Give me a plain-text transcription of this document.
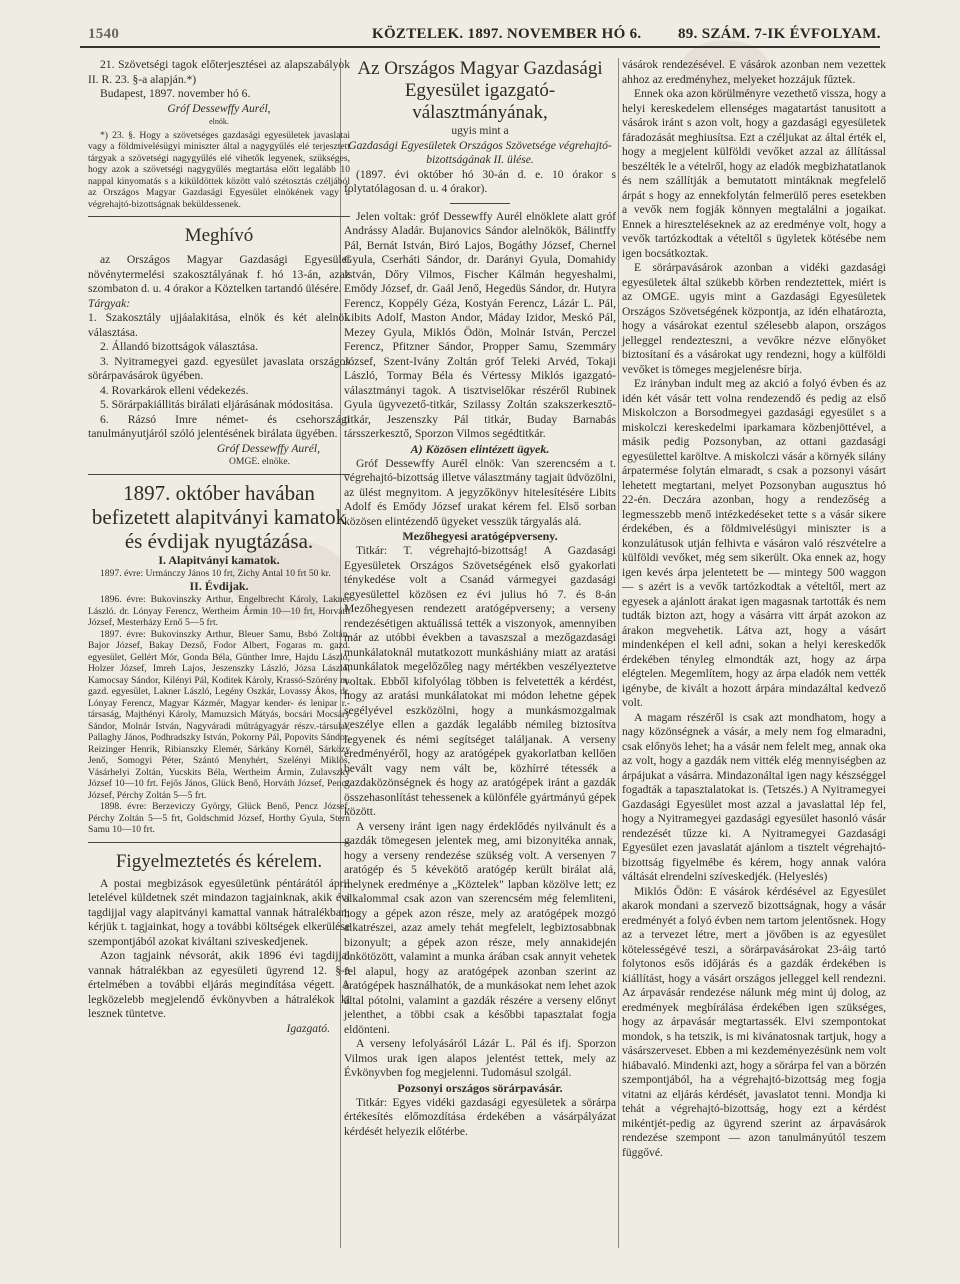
1540	KÖZTELEK. 1897. NOVEMBER HÓ 6. 89. SZÁM. 7-IK ÉVFOLYAM.

21. Szövetségi tagok előterjesztései az alapszabályok II. R. 23. §-a alapján.*)

Budapest, 1897. november hó 6.

Gróf Dessewffy Aurél,

elnök.

*) 23. §. Hogy a szövetséges gazdasági egyesületek javaslatai vagy a földmivelésügyi miniszter által a nagygyűlés elé terjesztett tárgyak a szövetségi nagygyűlés elé vihetők legyenek, szükséges, hogy azok a szövetségi nagygyűlés megtartása előtt legalább 10 nappal kinyomatás s a kiküldöttek között való szétosztás czéljából az Országos Magyar Gazdasági Egyesület elnökének vagy a végrehajtó-bizottságnak beküldessenek.

Meghívó

az Országos Magyar Gazdasági Egyesület növénytermelési szakosztályának f. hó 13-án, azaz szombaton d. u. 4 órakor a Köztelken tartandó ülésére.

Tárgyak:

1. Szakosztály ujjáalakitása, elnök és két alelnök választása.

2. Állandó bizottságok választása.

3. Nyitramegyei gazd. egyesület javaslata országos sörárpavásárok ügyében.

4. Rovarkárok elleni védekezés.

5. Sörárpakiállitás birálati eljárásának módositása.

6. Rázsó Imre német- és csehországi tanulmányutjáról szóló jelentésének birálata ügyében.

Gróf Dessewffy Aurél,

OMGE. elnöke.

1897. október havában befizetett alapitványi kamatok és évdijak nyugtázása.

I. Alapitványi kamatok.

1897. évre: Urmánczy János 10 frt, Zichy Antal 10 frt 50 kr.

II. Évdijak.

1896. évre: Bukovinszky Arthur, Engelbrecht Károly, Lakner László. dr. Lónyay Ferencz, Wertheim Ármin 10—10 frt, Horváth József, Mesterházy Ernő 5—5 frt.

1897. évre: Bukovinszky Arthur, Bleuer Samu, Bsbó Zoltán, Bajor József, Bakay Dezső, Fodor Albert, Fogaras m. gazd. egyesület, Gellért Mór, Gonda Béla, Günther Imre, Hajdu László, Holzer József, Imreh Lajos, Jeszenszky László, Józsa László, Kamocsay Sándor, Kilényi Pál, Koditek Károly, Krassó-Szörény m. gazd. egyesület, Lakner László, Legény Oszkár, Lovassy Ákos, dr. Lónyay Ferencz, Magyar Kázmér, Magyar kender- és lenipar r.-társaság, Majthényi Károly, Mamuzsich Mátyás, bocsári Mocsáry Sándor, Molnár István, Nagyváradi műtrágyagyár részv.-társulat, Pallaghy János, Podhradszky István, Pokorny Pál, Popovits Sándor, Reizinger Henrik, Ribianszky Elemér, Sárkány Kornél, Sárközy Jenő, Somogyi Péter, Szántó Menyhért, Szelényi Miklós, Vásárhelyi Zoltán, Yucskits Béla, Wertheim Ármin, Zulavszky József 10—10 frt. Fejős János, Glück Benő, Horváth József, Pencz József, Pérchy Zoltán 5—5 frt.

1898. évre: Berzeviczy György, Glück Benő, Pencz József, Pérchy Zoltán 5—5 frt, Goldschmid József, Horthy Gyula, Stern Samu 10—10 frt.

Figyelmeztetés és kérelem.

A postai megbizások egyesületünk péntárától ápril letelével küldetnek szét mindazon tagjainknak, akik évi tagdijjal vagy alapitványi kamattal vannak hátralékban; kérjük t. tagjainkat, hogy a további költségek elkerülése szempontjából azokat kiváltani sziveskedjenek.

Azon tagjaink névsorát, akik 1896 évi tagdijjal vannak hátralékban az egyesületi ügyrend 12. §-a értelmében a további eljárás megindítása végett. A legközelebb megjelendő évkönyvben a hátralékok ki lesznek tüntetve.

Igazgató.

Az Országos Magyar Gazdasági Egyesület igazgató-választmányának,

ugyis mint a

Gazdasági Egyesületek Országos Szövetsége végrehajtó-bizottságának II. ülése.

(1897. évi október hó 30-án d. e. 10 órakor s folytatólagosan d. u. 4 órakor).

Jelen voltak: gróf Dessewffy Aurél elnöklete alatt gróf Andrássy Aladár. Bujanovics Sándor alelnökök, Bálintffy Pál, Bernát István, Biró Lajos, Bogáthy József, Chernel Gyula, Cserháti Sándor, dr. Darányi Gyula, Domahidy István, Dőry Vilmos, Fischer Kálmán hegyeshalmi, Emődy József, dr. Gaál Jenő, Hegedüs Sándor, dr. Hutyra Ferencz, Koppély Géza, Kostyán Ferencz, Lázár L. Pál, Libits Adolf, Maston Andor, Máday Izidor, Meskó Pál, Mezey Gyula, Miklós Ödön, Molnár István, Perczel Ferencz, Pfitzner Sándor, Propper Samu, Szemmáry József, Szent-Ivány Zoltán gróf Teleki Arvéd, Tokaji László, Tormay Béla és Vértessy Miklós igazgató-választmányi tagok. A tisztviselőkar részéről Rubinek Gyula ügyvezető-titkár, Szilassy Zoltán szakszerkesztő-titkár, Jeszenszky Pál titkár, Buday Barnabás társszerkesztő, Sporzon Vilmos segédtitkár.

A) Közösen elintézett ügyek.

Gróf Dessewffy Aurél elnök: Van szerencsém a t. végrehajtó-bizottság illetve választmány tagjait üdvözölni, az ülést megnyitom. A jegyzőkönyv hitelesítésére Libits Adolf és Emődy József urakat kérem fel. Első sorban közösen elintézendő ügyeket vesszük tárgyalás alá.

Mezőhegyesi aratógépverseny.

Titkár: T. végrehajtó-bizottság! A Gazdasági Egyesületek Országos Szövetségének első gyakorlati ténykedése volt a Csanád vármegyei gazdasági egyesülettel közösen ez évi julius hó 7. és 8-án Mezőhegyesen rendezett aratógépverseny; a verseny rendezésétigen aktuálissá tették a viszonyok, amennyiben már az utóbbi években a tavaszszal a mezőgazdasági munkálatoknál mutatkozott munkáshiány miatt az aratási munkálatok megelőzőleg nagy mértékben veszélyeztetve voltak. Ebből kifolyólag többen is felvetették a kérdést, hogy az aratási munkálatokat mi módon lehetne gépek segélyével eszközölni, hogy a munkásmozgalmak veszélye ellen a gazdák legalább némileg biztosítva legyenek és némi segítséget találjanak. A verseny eredményéről, hogy az aratógépek gyakorlatban kellően bevált vagy nem vált be, közhírré tétessék a gazdaközönségnek és hogy az aratógépek iránt a gazdák összehasonlítást tehessenek a különféle gyártmányú gépek között.

A verseny iránt igen nagy érdeklődés nyilvánult és a gazdák tömegesen jelentek meg, ami bizonyitéka annak, hogy a verseny rendezése szükség volt. A versenyen 7 aratógép és 5 kévekötő aratógép került birálat alá, melynek eredménye a „Köztelek" lapban közölve lett; ez alkalommal csak azon van szerencsém még felemliteni, hogy a gépek azon része, mely az aratógépek mozgó alkatrészei, azaz amely tehát megfelelt, legbiztosabbnak bizonyult; a gépek azon része, mely annakidején önkötözött, valamint a munka árában csak annyit vehetek fel alapul, hogy az aratógépek azonban szerint az aratógépek használhatók, de a munkásokat nem lehet azok által pótolni, valamint a gazdák részére a verseny előnyt jelenthet, a többi csak a későbbi tapasztalat fogja eldönteni.

A verseny lefolyásáról Lázár L. Pál és ifj. Sporzon Vilmos urak igen alapos jelentést tettek, mely az Évkönyvben fog megjelenni. Tudomásul szolgál.

Pozsonyi országos sörárpavásár.

Titkár: Egyes vidéki gazdasági egyesületek a sörárpa értékesítés előmozdítása érdekében a vásárpályázat kérdését helyezik előtérbe.

vásárok rendezésével. E vásárok azonban nem vezettek ahhoz az eredményhez, melyeket hozzájuk fűztek.

Ennek oka azon körülményre vezethető vissza, hogy a helyi kereskedelem ellenséges magatartást tanusitott a vásárok iránt s azon volt, hogy a gazdasági egyesületek fáradozását meghiusítsa. Ezt a czéljukat az által érték el, hogy a megjelent külföldi vevőket azzal az állítással beszélték le a vételről, hogy az eladók megbizhatatlanok és nem szállítják a bemutatott mintáknak megfelelő árpát s hogy az ennekfolytán felmerülő peres esetekben a vevők nem fogják könnyen megtalálni a jogaikat. Ennek a hireszteléseknek az az eredménye volt, hogy a vevők tartózkodtak a vételtől s ügyletek kötésébe nem igen bocsátkoztak.

E sörárpavásárok azonban a vidéki gazdasági egyesületek által szükebb körben rendeztettek, miért is az OMGE. ugyis mint a Gazdasági Egyesületek Országos Szövetségének központja, az idén elhatározta, hogy a vásárokat ezentul szélesebb alapon, országos jelleggel rendezteszni, a vevőkre nézve előnyöket biztosítaní és a vásárokat ugy rendezni, hogy a külföldi vevőket is tömeges megjelenésre bírja.

Ez irányban indult meg az akció a folyó évben és az idén két vásár tett volna rendezendő és pedig az első Miskolczon a Borsodmegyei gazdasági egyesület s a miskolczi kereskedelmi iparkamara közbenjöttével, a másik pedig Pozsonyban, az ottani gazdasági egyesülettel karöltve. A miskolczi vásár a környék silány árpatermése folytán elmaradt, s csak a pozsonyi vásárt lehetett megtartani, melyet Pozsonyban augusztus hó 22-én. Deczára azonban, hogy a rendezőség a legmesszebb menő intézkedéseket tette s a vásár sikere érdekében, és a földmivelésügyi miniszter is a konzulátusok utján felhivta e vásáron való részvételre a külföldi vevőket, még sem sikerült. Oka ennek az, hogy igen kevés árpa jelentetett be — mintegy 500 waggon — s azért is a vevők tartózkodtak a vételtől, mert az egyesek a ajánlott árakat igen magasnak tartották és nem tudták bizton azt, hogy a vásárra vitt árpát azokon az árakon megvehetik. Látva azt, hogy a vásárt mindenképen el kell adni, sokan a helyi kereskedők érdekében tényleg elmondták azt, hogy az árpa elégtelen. Megemlítem, hogy az árpa eladók nem vették igénybe, de kivált a hozott árpára mindazáltal kedvező volt.

A magam részéről is csak azt mondhatom, hogy a nagy közönségnek a vásár, a mely nem fog elmaradni, csak előnyös lehet; ha a vásár nem felelt meg, annak oka az volt, hogy a gazdák nem vitték elég mennyiségben az árpájukat a vásárra. Mindazonáltal igen nagy készséggel fogadták a tapasztalatokat is. (Tetszés.) A Nyitramegyei Gazdasági Egyesület most azzal a javaslattal lép fel, hogy a Nyitramegyei gazdasági egyesület hasonló vásár rendezését tűzze ki. A Nyitramegyei Gazdasági Egyesület ezen javaslatát ajánlom a tisztelt végrehajtó-bizottság figyelmébe és kérem, hogy annak valóra váltását elrendelni szíveskedjék. (Helyeslés)

Miklós Ödön: E vásárok kérdésével az Egyesület akarok mondani a szervező bizottságnak, hogy a vásár eredményét a folyó évben nem tartom jelentősnek. Hogy az a tervezet létre, mert a jövőben is az egyesület kötelességévé teszi, a sörárpavásárokat 23-áig tartó folytonos esős időjárás és a gazdák érdekében is kiállítást, hogy a vásárt országos jelleggel kell rendezni. Az árpavásár rendezése nálunk még mint új dolog, az eredmények megbírálása érdekében igen szükséges, hogy az árpavásár megtartassék. Elvi szempontokat mondok, s ha tetszik, is mi kivánatosnak tartjuk, hogy a vásárszerveset. Ebben a mi kezdeményezésünk nem volt hiábavaló. Mindenki azt, hogy a sörárpa fel van a börzén szempontjából, ha a végrehajtó-bizottság meg fogja vitatni az eljárás kérdését, javaslatot tenni. Mondja ki tehát a végrehajtó-bizottság, hogy ezt a kérdést mikéntjét-pedig az ügyrend szerint az árpavásárok rendezése szempont — azon tanulmányútól teszem függővé.
